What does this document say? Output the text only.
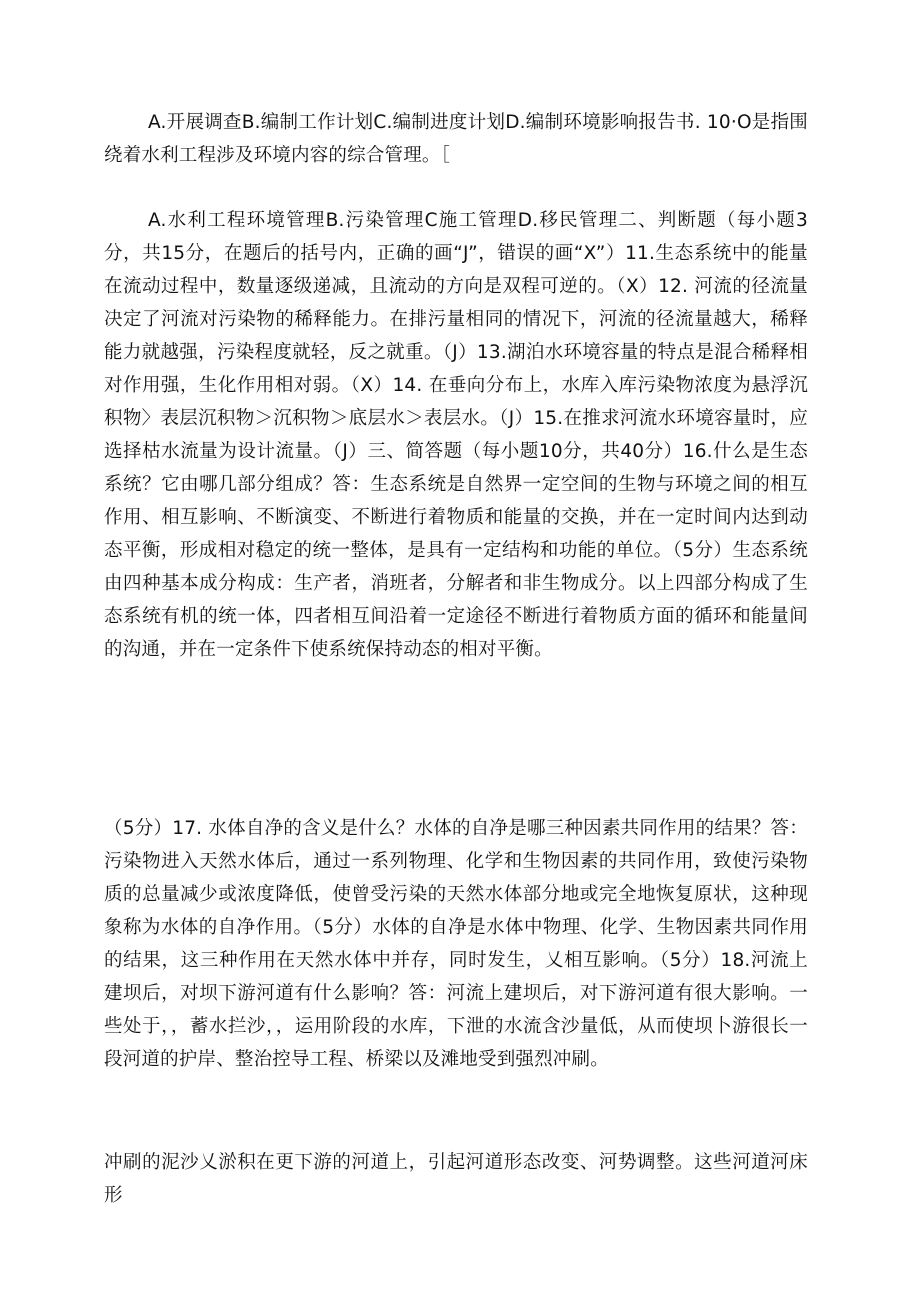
A.开展调查B.编制工作计划C.编制进度计划D.编制环境影响报告书. 10·O是指围绕着水利工程涉及环境内容的综合管理。［

A.水利工程环境管理B.污染管理C施工管理D.移民管理二、判断题（每小题3分，共15分，在题后的括号内，正确的画“J”，错误的画“X”）11.生态系统中的能量在流动过程中，数量逐级递减，且流动的方向是双程可逆的。（X）12. 河流的径流量决定了河流对污染物的稀释能力。在排污量相同的情况下，河流的径流量越大，稀释能力就越强，污染程度就轻，反之就重。（J）13.湖泊水环境容量的特点是混合稀释相对作用强，生化作用相对弱。（X）14. 在垂向分布上，水库入库污染物浓度为悬浮沉积物〉表层沉积物＞沉积物＞底层水＞表层水。（J）15.在推求河流水环境容量时，应选择枯水流量为设计流量。（J）三、简答题（每小题10分，共40分）16.什么是生态系统？它由哪几部分组成？答：生态系统是自然界一定空间的生物与环境之间的相互作用、相互影响、不断演变、不断进行着物质和能量的交换，并在一定时间内达到动态平衡，形成相对稳定的统一整体，是具有一定结构和功能的单位。（5分）生态系统由四种基本成分构成：生产者，消班者，分解者和非生物成分。以上四部分构成了生态系统有机的统一体，四者相互间沿着一定途径不断进行着物质方面的循环和能量间的沟通，并在一定条件下使系统保持动态的相对平衡。

（5分）17. 水体自净的含义是什么？水体的自净是哪三种因素共同作用的结果？答：污染物进入天然水体后，通过一系列物理、化学和生物因素的共同作用，致使污染物质的总量减少或浓度降低，使曾受污染的天然水体部分地或完全地恢复原状，这种现象称为水体的自净作用。（5分）水体的自净是水体中物理、化学、生物因素共同作用的结果，这三种作用在天然水体中并存，同时发生，乂相互影响。（5分）18.河流上建坝后，对坝下游河道有什么影响？答：河流上建坝后，对下游河道有很大影响。一些处于，，蓄水拦沙，，运用阶段的水库，下泄的水流含沙量低，从而使坝卜游很长一段河道的护岸、整治控导工程、桥梁以及滩地受到强烈冲刷。

冲刷的泥沙乂淤积在更下游的河道上，引起河道形态改变、河势调整。这些河道河床形
